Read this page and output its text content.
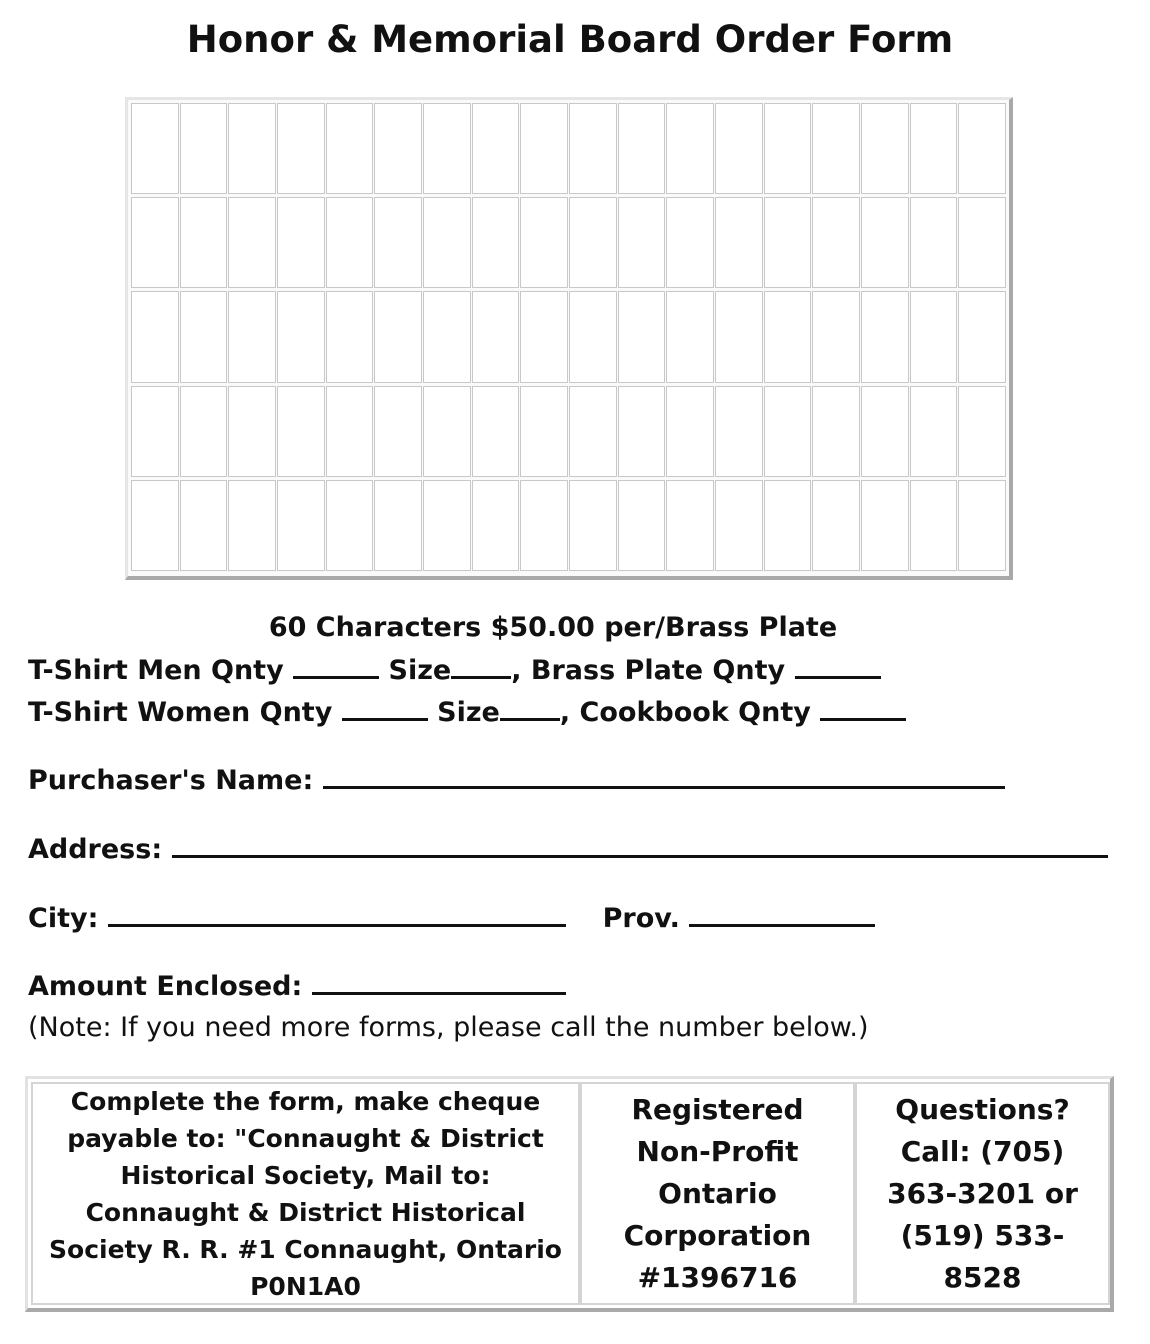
Honor & Memorial Board Order Form
60 Characters $50.00 per/Brass Plate
T-Shirt Men Qnty	Size , Brass Plate Qnty
T-Shirt Women Qnty	Size , Cookbook Qnty
Purchaser's Name:
Address:
City:	Prov.
Amount Enclosed:
(Note: If you need more forms, please call the number below.)
Complete the form, make cheque payable to: "Connaught & District Historical Society, Mail to: Connaught & District Historical Society R. R. #1 Connaught, Ontario P0N1A0
Registered Non-Profit Ontario Corporation #1396716
Questions? Call: (705) 363-3201 or (519) 533-8528
